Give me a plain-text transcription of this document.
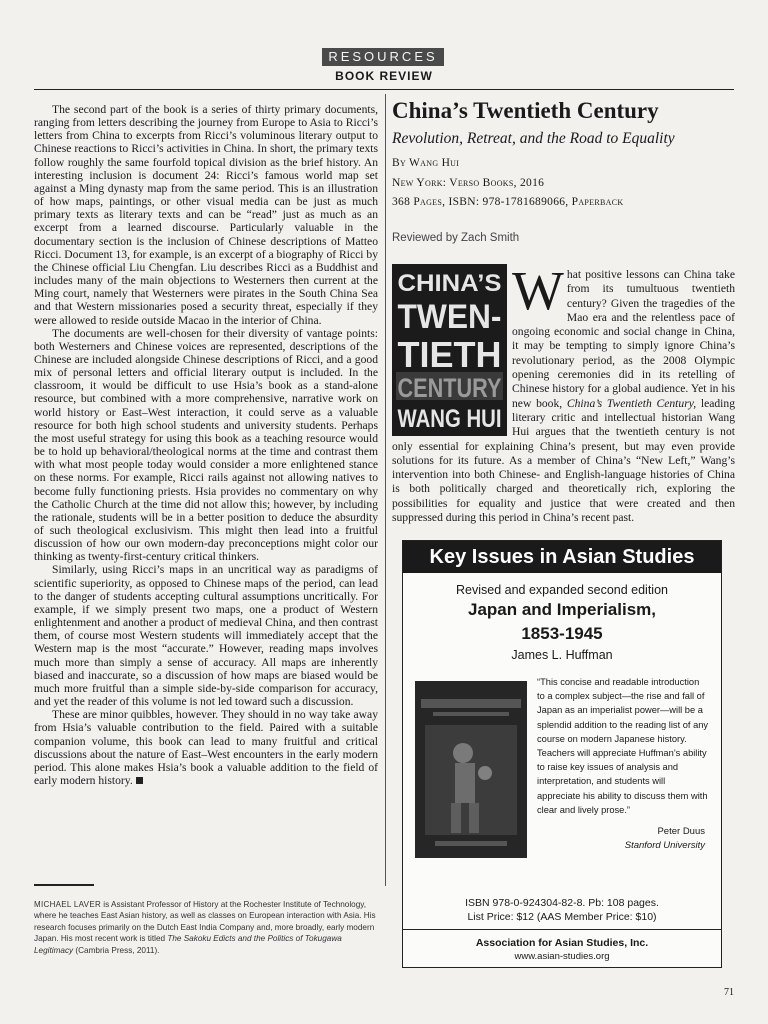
RESOURCES
BOOK REVIEW

The second part of the book is a series of thirty primary documents, ranging from letters describing the journey from Europe to Asia to Ricci’s letters from China to excerpts from Ricci’s voluminous literary output to Chinese reactions to Ricci’s activities in China. In short, the primary texts follow roughly the same fourfold topical division as the brief history. An interesting inclusion is document 24: Ricci’s famous world map set against a Ming dynasty map from the same period. This is an illustration of how maps, paintings, or other visual media can be just as much primary texts as literary texts and can be “read” just as much as an excerpt from a learned discourse. Particularly valuable in the documentary section is the inclusion of Chinese descriptions of Matteo Ricci. Document 13, for example, is an excerpt of a biography of Ricci by the Chinese official Liu Chengfan. Liu describes Ricci as a Buddhist and includes many of the main objections to Westerners then current at the Ming court, namely that Westerners were pirates in the South China Sea and that Western missionaries posed a security threat, especially if they were allowed to reside outside Macao in the interior of China.

The documents are well-chosen for their diversity of vantage points: both Westerners and Chinese voices are represented, descriptions of the Chinese are included alongside Chinese descriptions of Ricci, and a good mix of personal letters and official literary output is included. In the classroom, it would be difficult to use Hsia’s book as a stand-alone resource, but combined with a more comprehensive, narrative work on world history or East–West interaction, it could serve as a valuable resource for both high school students and university students. Perhaps the most useful strategy for using this book as a teaching resource would be to hold up behavioral/theological norms at the time and contrast them with what most people today would consider a more enlightened stance on these norms. For example, Ricci rails against not allowing natives to become fully functioning priests. Hsia provides no commentary on why the Catholic Church at the time did not allow this; however, by including the rationale, students will be in a better position to deduce the absurdity of such theological exclusivism. This might then lead into a fruitful discussion of how our own modern-day preconceptions might color our thinking as twenty-first-century critical thinkers.

Similarly, using Ricci’s maps in an uncritical way as paradigms of scientific superiority, as opposed to Chinese maps of the period, can lead to the danger of students accepting cultural assumptions uncritically. For example, if we simply present two maps, one a product of Western enlightenment and another a product of medieval China, and then contrast them, of course most Western students will immediately accept that the Western map is the most “accurate.” However, reading maps involves much more than simply a sense of accuracy. All maps are inherently biased and inaccurate, so a discussion of how maps are biased would be much more fruitful than a simple side-by-side comparison for accuracy, and yet the reader of this volume is not led toward such a discussion.

These are minor quibbles, however. They should in no way take away from Hsia’s valuable contribution to the field. Paired with a suitable companion volume, this book can lead to many fruitful and critical discussions about the nature of East–West encounters in the early modern period. This alone makes Hsia’s book a valuable addition to the field of early modern history.

MICHAEL LAVER is Assistant Professor of History at the Rochester Institute of Technology, where he teaches East Asian history, as well as classes on European interaction with Asia. His research focuses primarily on the Dutch East India Company and, more broadly, early modern Japan. His most recent work is titled The Sakoku Edicts and the Politics of Tokugawa Legitimacy (Cambria Press, 2011).
China’s Twentieth Century
Revolution, Retreat, and the Road to Equality
By Wang Hui
New York: Verso Books, 2016
368 Pages, ISBN: 978-1781689066, Paperback
Reviewed by Zach Smith
CHINA’S
TWEN-
TIETH
CENTURY
WANG HUI
What positive lessons can China take from its tumultuous twentieth century? Given the tragedies of the Mao era and the relentless pace of ongoing economic and social change in China, it may be tempting to simply ignore China’s revolutionary period, as the 2008 Olympic opening ceremonies did in its retelling of Chinese history for a global audience. Yet in his new book, China’s Twentieth Century, leading literary critic and intellectual historian Wang Hui argues that the twentieth century is not only essential for explaining China’s present, but may even provide solutions for its future. As a member of China’s “New Left,” Wang’s intervention into both Chinese- and English-language histories of China is both politically charged and theoretically rich, exploring the possibilities for equality and justice that were created and then suppressed during this period in China’s recent past.
Key Issues in Asian Studies
Revised and expanded second edition
Japan and Imperialism,
1853-1945
James L. Huffman
“This concise and readable introduction to a complex subject—the rise and fall of Japan as an imperialist power—will be a splendid addition to the reading list of any course on modern Japanese history. Teachers will appreciate Huffman’s ability to raise key issues of analysis and interpretation, and students will appreciate his ability to discuss them with clear and lively prose.”
Peter Duus
Stanford University
ISBN 978-0-924304-82-8. Pb: 108 pages.
List Price: $12 (AAS Member Price: $10)
Association for Asian Studies, Inc.
www.asian-studies.org
71
